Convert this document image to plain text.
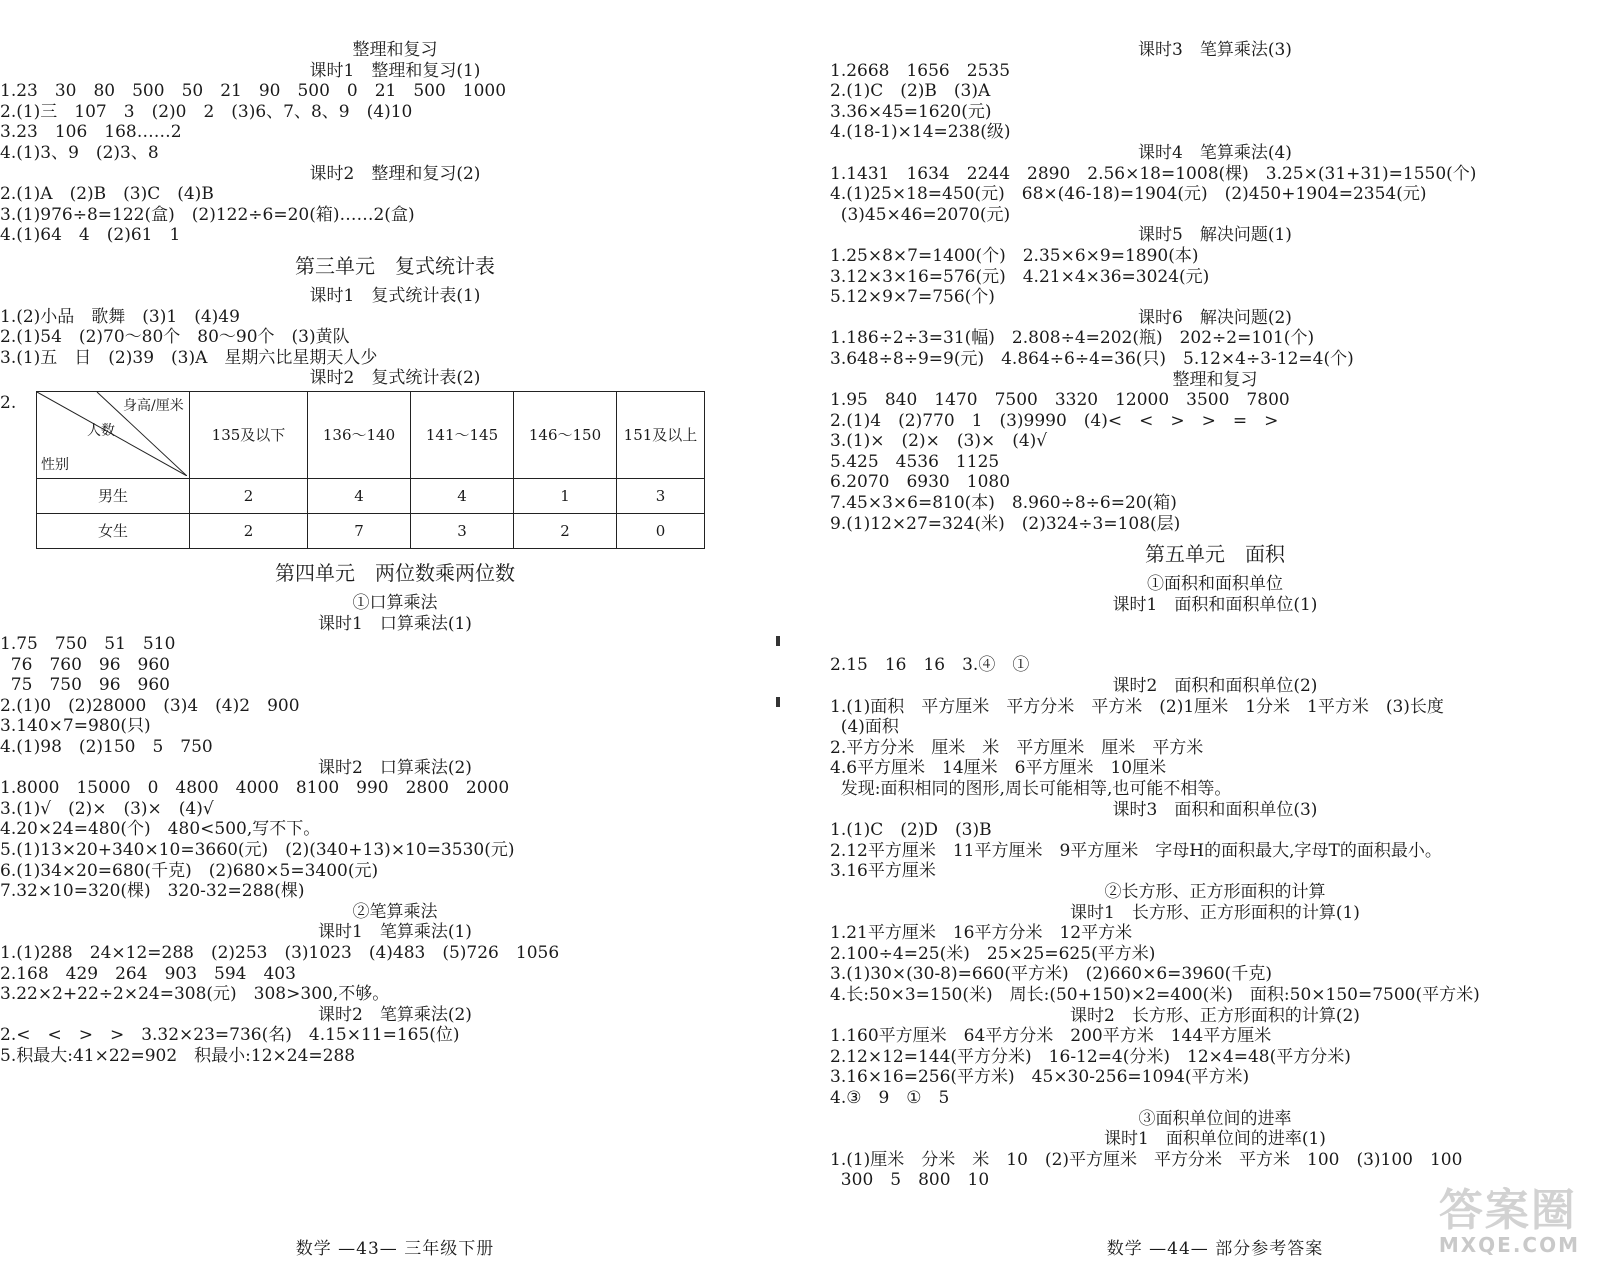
整理和复习
课时1　整理和复习(1)
1.23　30　80　500　50　21　90　500　0　21　500　1000
2.(1)三　107　3　(2)0　2　(3)6、7、8、9　(4)10
3.23　106　168……2
4.(1)3、9　(2)3、8
课时2　整理和复习(2)
2.(1)A　(2)B　(3)C　(4)B
3.(1)976÷8=122(盒)　(2)122÷6=20(箱)……2(盒)
4.(1)64　4　(2)61　1
第三单元　复式统计表
课时1　复式统计表(1)
1.(2)小品　歌舞　(3)1　(4)49
2.(1)54　(2)70～80个　80～90个　(3)黄队
3.(1)五　日　(2)39　(3)A　星期六比星期天人少
课时2　复式统计表(2)
2.	身高/厘米
人数
性别	135及以下	136～140	141～145	146～150	151及以上
男生	2	4	4	1	3
女生	2	7	3	2	0
第四单元　两位数乘两位数
①口算乘法
课时1　口算乘法(1)
1.75　750　51　510
76　760　96　960
75　750　96　960
2.(1)0　(2)28000　(3)4　(4)2　900
3.140×7=980(只)
4.(1)98　(2)150　5　750
课时2　口算乘法(2)
1.8000　15000　0　4800　4000　8100　990　2800　2000
3.(1)√　(2)×　(3)×　(4)√
4.20×24=480(个)　480<500,写不下。
5.(1)13×20+340×10=3660(元)　(2)(340+13)×10=3530(元)
6.(1)34×20=680(千克)　(2)680×5=3400(元)
7.32×10=320(棵)　320-32=288(棵)
②笔算乘法
课时1　笔算乘法(1)
1.(1)288　24×12=288　(2)253　(3)1023　(4)483　(5)726　1056
2.168　429　264　903　594　403
3.22×2+22÷2×24=308(元)　308>300,不够。
课时2　笔算乘法(2)
2.<　<　>　>　3.32×23=736(名)　4.15×11=165(位)
5.积最大:41×22=902　积最小:12×24=288
数学 —43— 三年级下册
课时3　笔算乘法(3)
1.2668　1656　2535
2.(1)C　(2)B　(3)A
3.36×45=1620(元)
4.(18-1)×14=238(级)
课时4　笔算乘法(4)
1.1431　1634　2244　2890　2.56×18=1008(棵)　3.25×(31+31)=1550(个)
4.(1)25×18=450(元)　68×(46-18)=1904(元)　(2)450+1904=2354(元)
(3)45×46=2070(元)
课时5　解决问题(1)
1.25×8×7=1400(个)　2.35×6×9=1890(本)
3.12×3×16=576(元)　4.21×4×36=3024(元)
5.12×9×7=756(个)
课时6　解决问题(2)
1.186÷2÷3=31(幅)　2.808÷4=202(瓶)　202÷2=101(个)
3.648÷8÷9=9(元)　4.864÷6÷4=36(只)　5.12×4÷3-12=4(个)
整理和复习
1.95　840　1470　7500　3320　12000　3500　7800
2.(1)4　(2)770　1　(3)9990　(4)<　<　>　>　=　>
3.(1)×　(2)×　(3)×　(4)√
5.425　4536　1125
6.2070　6930　1080
7.45×3×6=810(本)　8.960÷8÷6=20(箱)
9.(1)12×27=324(米)　(2)324÷3=108(层)
第五单元　面积
①面积和面积单位
课时1　面积和面积单位(1)
2.15　16　16　3.④　①
课时2　面积和面积单位(2)
1.(1)面积　平方厘米　平方分米　平方米　(2)1厘米　1分米　1平方米　(3)长度
(4)面积
2.平方分米　厘米　米　平方厘米　厘米　平方米
4.6平方厘米　14厘米　6平方厘米　10厘米
发现:面积相同的图形,周长可能相等,也可能不相等。
课时3　面积和面积单位(3)
1.(1)C　(2)D　(3)B
2.12平方厘米　11平方厘米　9平方厘米　字母H的面积最大,字母T的面积最小。
3.16平方厘米
②长方形、正方形面积的计算
课时1　长方形、正方形面积的计算(1)
1.21平方厘米　16平方分米　12平方米
2.100÷4=25(米)　25×25=625(平方米)
3.(1)30×(30-8)=660(平方米)　(2)660×6=3960(千克)
4.长:50×3=150(米)　周长:(50+150)×2=400(米)　面积:50×150=7500(平方米)
课时2　长方形、正方形面积的计算(2)
1.160平方厘米　64平方分米　200平方米　144平方厘米
2.12×12=144(平方分米)　16-12=4(分米)　12×4=48(平方分米)
3.16×16=256(平方米)　45×30-256=1094(平方米)
4.③　9　①　5
③面积单位间的进率
课时1　面积单位间的进率(1)
1.(1)厘米　分米　米　10　(2)平方厘米　平方分米　平方米　100　(3)100　100
300　5　800　10
数学 —44— 部分参考答案
答案圈
MXQE.COM
